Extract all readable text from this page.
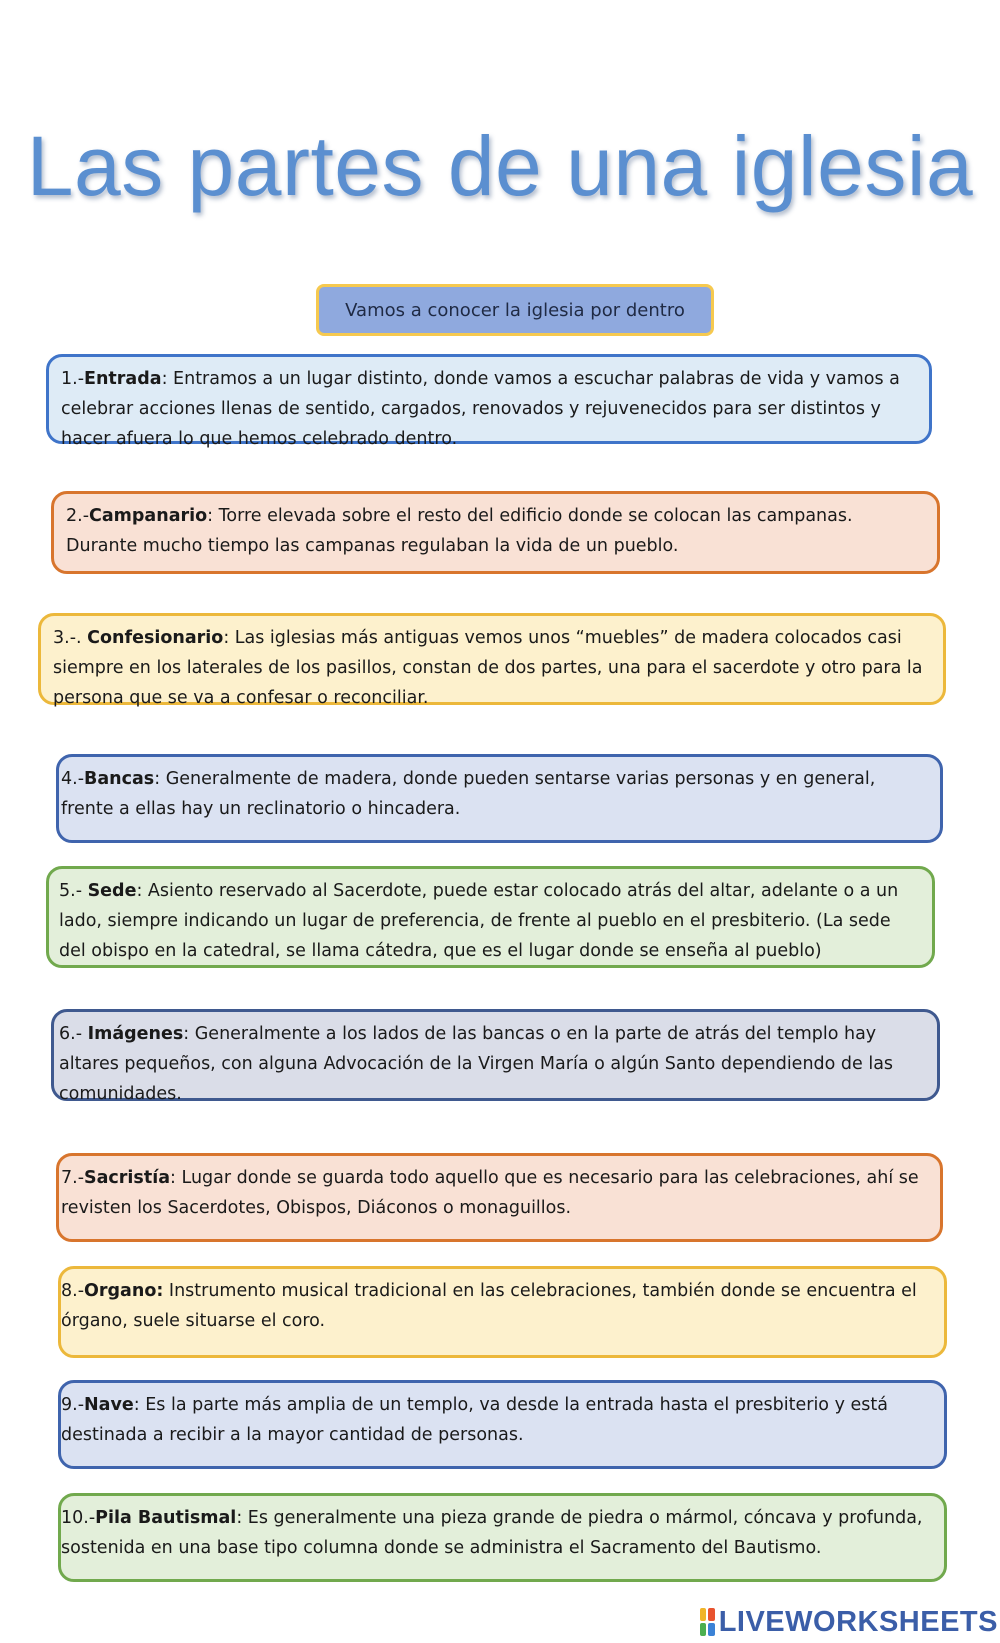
Las partes de una iglesia
Vamos a conocer la iglesia por dentro
1.-Entrada: Entramos a un lugar distinto, donde vamos a escuchar palabras de vida y vamos a celebrar acciones llenas de sentido, cargados, renovados y rejuvenecidos para ser distintos y hacer afuera lo que hemos celebrado dentro.
2.-Campanario: Torre elevada sobre el resto del edificio donde se colocan las campanas. Durante mucho tiempo las campanas regulaban la vida de un pueblo.
3.-. Confesionario: Las iglesias más antiguas vemos unos “muebles” de madera colocados casi siempre en los laterales de los pasillos, constan de dos partes, una para el sacerdote y otro para la persona que se va a confesar o reconciliar.
4.-Bancas: Generalmente de madera, donde pueden sentarse varias personas y en general, frente a ellas hay un reclinatorio o hincadera.
5.- Sede: Asiento reservado al Sacerdote, puede estar colocado atrás del altar, adelante o a un lado, siempre indicando un lugar de preferencia, de frente al pueblo en el presbiterio. (La sede del obispo en la catedral, se llama cátedra, que es el lugar donde se enseña al pueblo)
6.- Imágenes: Generalmente a los lados de las bancas o en la parte de atrás del templo hay altares pequeños, con alguna Advocación de la Virgen María o algún Santo dependiendo de las comunidades.
7.-Sacristía: Lugar donde se guarda todo aquello que es necesario para las celebraciones, ahí se revisten los Sacerdotes, Obispos, Diáconos o monaguillos.
8.-Organo: Instrumento musical tradicional en las celebraciones, también donde se encuentra el órgano, suele situarse el coro.
9.-Nave: Es la parte más amplia de un templo, va desde la entrada hasta el presbiterio y está destinada a recibir a la mayor cantidad de personas.
10.-Pila Bautismal: Es generalmente una pieza grande de piedra o mármol, cóncava y profunda, sostenida en una base tipo columna donde se administra el Sacramento del Bautismo.
LIVEWORKSHEETS
